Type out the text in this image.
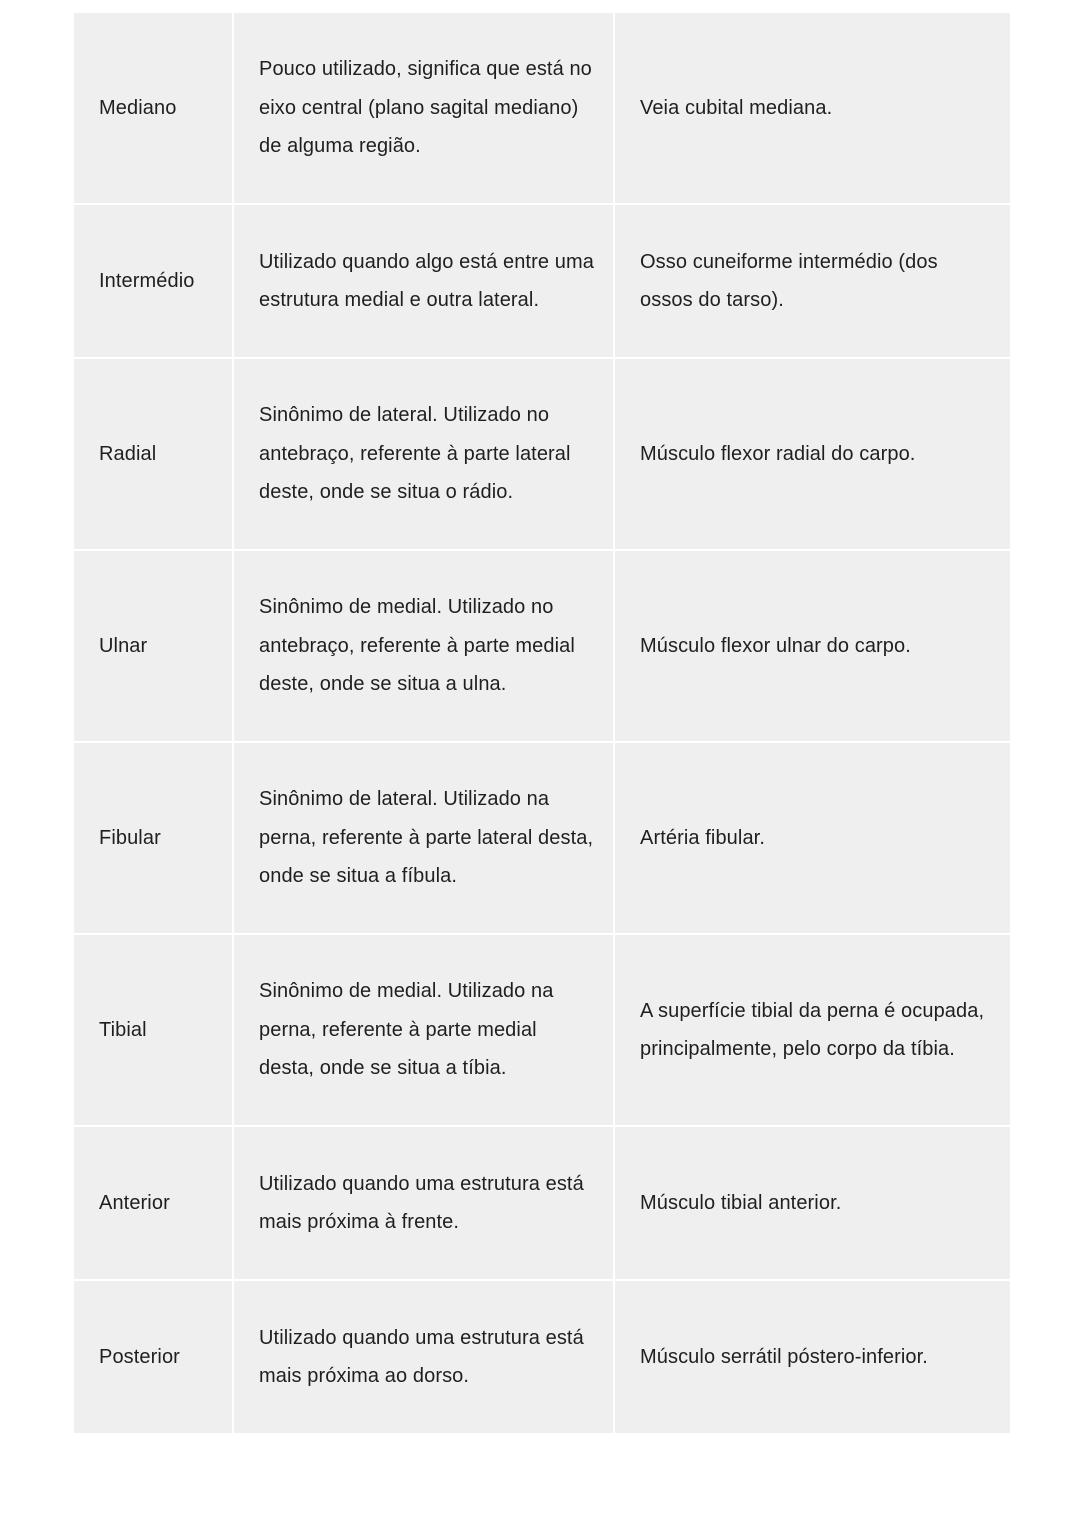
Mediano
Pouco utilizado, significa que está no eixo central (plano sagital mediano) de alguma região.
Veia cubital mediana.
Intermédio
Utilizado quando algo está entre uma estrutura medial e outra lateral.
Osso cuneiforme intermédio (dos ossos do tarso).
Radial
Sinônimo de lateral. Utilizado no antebraço, referente à parte lateral deste, onde se situa o rádio.
Músculo flexor radial do carpo.
Ulnar
Sinônimo de medial. Utilizado no antebraço, referente à parte medial deste, onde se situa a ulna.
Músculo flexor ulnar do carpo.
Fibular
Sinônimo de lateral. Utilizado na perna, referente à parte lateral desta, onde se situa a fíbula.
Artéria fibular.
Tibial
Sinônimo de medial. Utilizado na perna, referente à parte medial desta, onde se situa a tíbia.
A superfície tibial da perna é ocupada, principalmente, pelo corpo da tíbia.
Anterior
Utilizado quando uma estrutura está mais próxima à frente.
Músculo tibial anterior.
Posterior
Utilizado quando uma estrutura está mais próxima ao dorso.
Músculo serrátil póstero-inferior.
